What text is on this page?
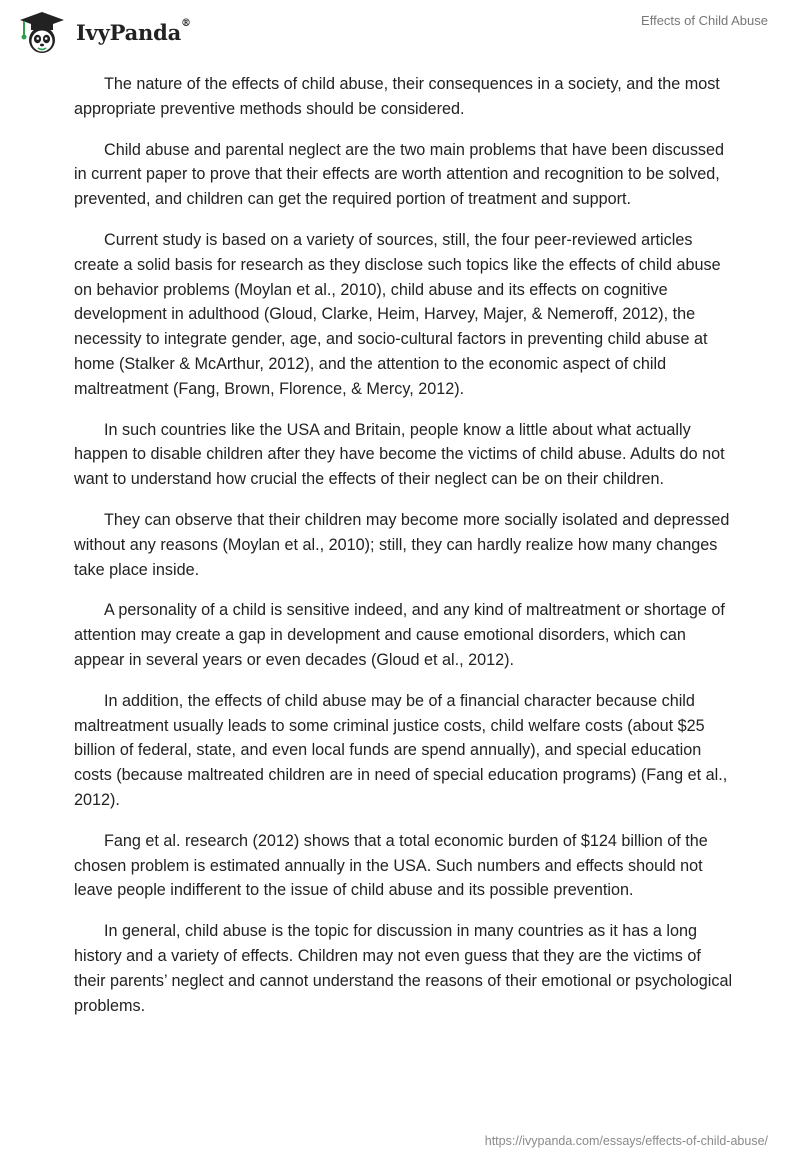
IvyPanda®	Effects of Child Abuse

The nature of the effects of child abuse, their consequences in a society, and the most appropriate preventive methods should be considered.

Child abuse and parental neglect are the two main problems that have been discussed in current paper to prove that their effects are worth attention and recognition to be solved, prevented, and children can get the required portion of treatment and support.

Current study is based on a variety of sources, still, the four peer-reviewed articles create a solid basis for research as they disclose such topics like the effects of child abuse on behavior problems (Moylan et al., 2010), child abuse and its effects on cognitive development in adulthood (Gloud, Clarke, Heim, Harvey, Majer, & Nemeroff, 2012), the necessity to integrate gender, age, and socio-cultural factors in preventing child abuse at home (Stalker & McArthur, 2012), and the attention to the economic aspect of child maltreatment (Fang, Brown, Florence, & Mercy, 2012).

In such countries like the USA and Britain, people know a little about what actually happen to disable children after they have become the victims of child abuse. Adults do not want to understand how crucial the effects of their neglect can be on their children.

They can observe that their children may become more socially isolated and depressed without any reasons (Moylan et al., 2010); still, they can hardly realize how many changes take place inside.

A personality of a child is sensitive indeed, and any kind of maltreatment or shortage of attention may create a gap in development and cause emotional disorders, which can appear in several years or even decades (Gloud et al., 2012).

In addition, the effects of child abuse may be of a financial character because child maltreatment usually leads to some criminal justice costs, child welfare costs (about $25 billion of federal, state, and even local funds are spend annually), and special education costs (because maltreated children are in need of special education programs) (Fang et al., 2012).

Fang et al. research (2012) shows that a total economic burden of $124 billion of the chosen problem is estimated annually in the USA. Such numbers and effects should not leave people indifferent to the issue of child abuse and its possible prevention.

In general, child abuse is the topic for discussion in many countries as it has a long history and a variety of effects. Children may not even guess that they are the victims of their parents’ neglect and cannot understand the reasons of their emotional or psychological problems.

https://ivypanda.com/essays/effects-of-child-abuse/
